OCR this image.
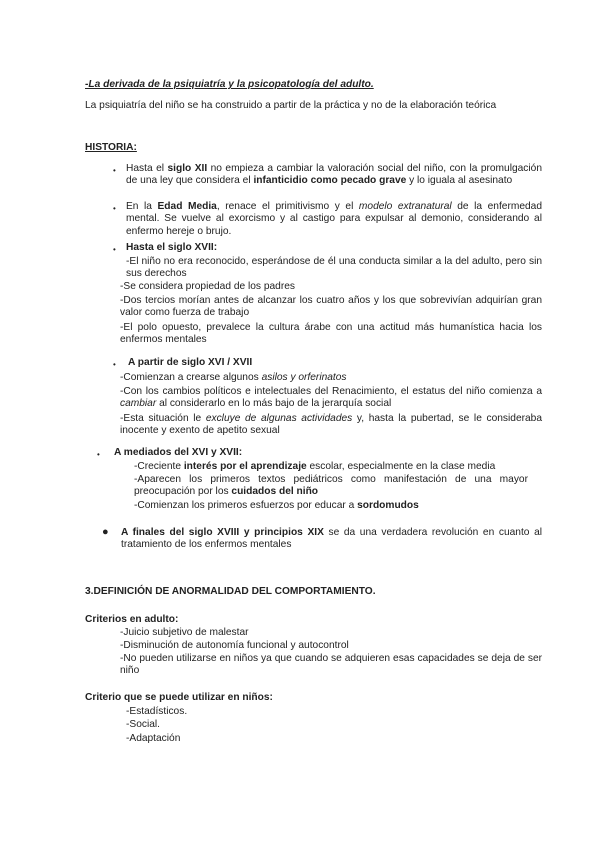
-La derivada de la psiquiatría y la psicopatología del adulto.
La psiquiatría del niño se ha construido a partir de la práctica y no de la elaboración teórica
HISTORIA:
• Hasta el siglo XII no empieza a cambiar la valoración social del niño, con la promulgación de una ley que considera el infanticidio como pecado grave y lo iguala al asesinato
• En la Edad Media, renace el primitivismo y el modelo extranatural de la enfermedad mental. Se vuelve al exorcismo y al castigo para expulsar al demonio, considerando al enfermo hereje o brujo.
• Hasta el siglo XVII:
-El niño no era reconocido, esperándose de él una conducta similar a la del adulto, pero sin sus derechos
-Se considera propiedad de los padres
-Dos tercios morían antes de alcanzar los cuatro años y los que sobrevivían adquirían gran valor como fuerza de trabajo
-El polo opuesto, prevalece la cultura árabe con una actitud más humanística hacia los enfermos mentales
• A partir de siglo XVI / XVII
-Comienzan a crearse algunos asilos y orferinatos
-Con los cambios políticos e intelectuales del Renacimiento, el estatus del niño comienza a cambiar al considerarlo en lo más bajo de la jerarquía social
-Esta situación le excluye de algunas actividades y, hasta la pubertad, se le consideraba inocente y exento de apetito sexual
• A mediados del XVI y XVII:
-Creciente interés por el aprendizaje escolar, especialmente en la clase media
-Aparecen los primeros textos pediátricos como manifestación de una mayor preocupación por los cuidados del niño
-Comienzan los primeros esfuerzos por educar a sordomudos
● A finales del siglo XVIII y principios XIX se da una verdadera revolución en cuanto al tratamiento de los enfermos mentales
3.DEFINICIÓN DE ANORMALIDAD DEL COMPORTAMIENTO.
Criterios en adulto:
-Juicio subjetivo de malestar
-Disminución de autonomía funcional y autocontrol
-No pueden utilizarse en niños ya que cuando se adquieren esas capacidades se deja de ser niño
Criterio que se puede utilizar en niños:
-Estadísticos.
-Social.
-Adaptación
